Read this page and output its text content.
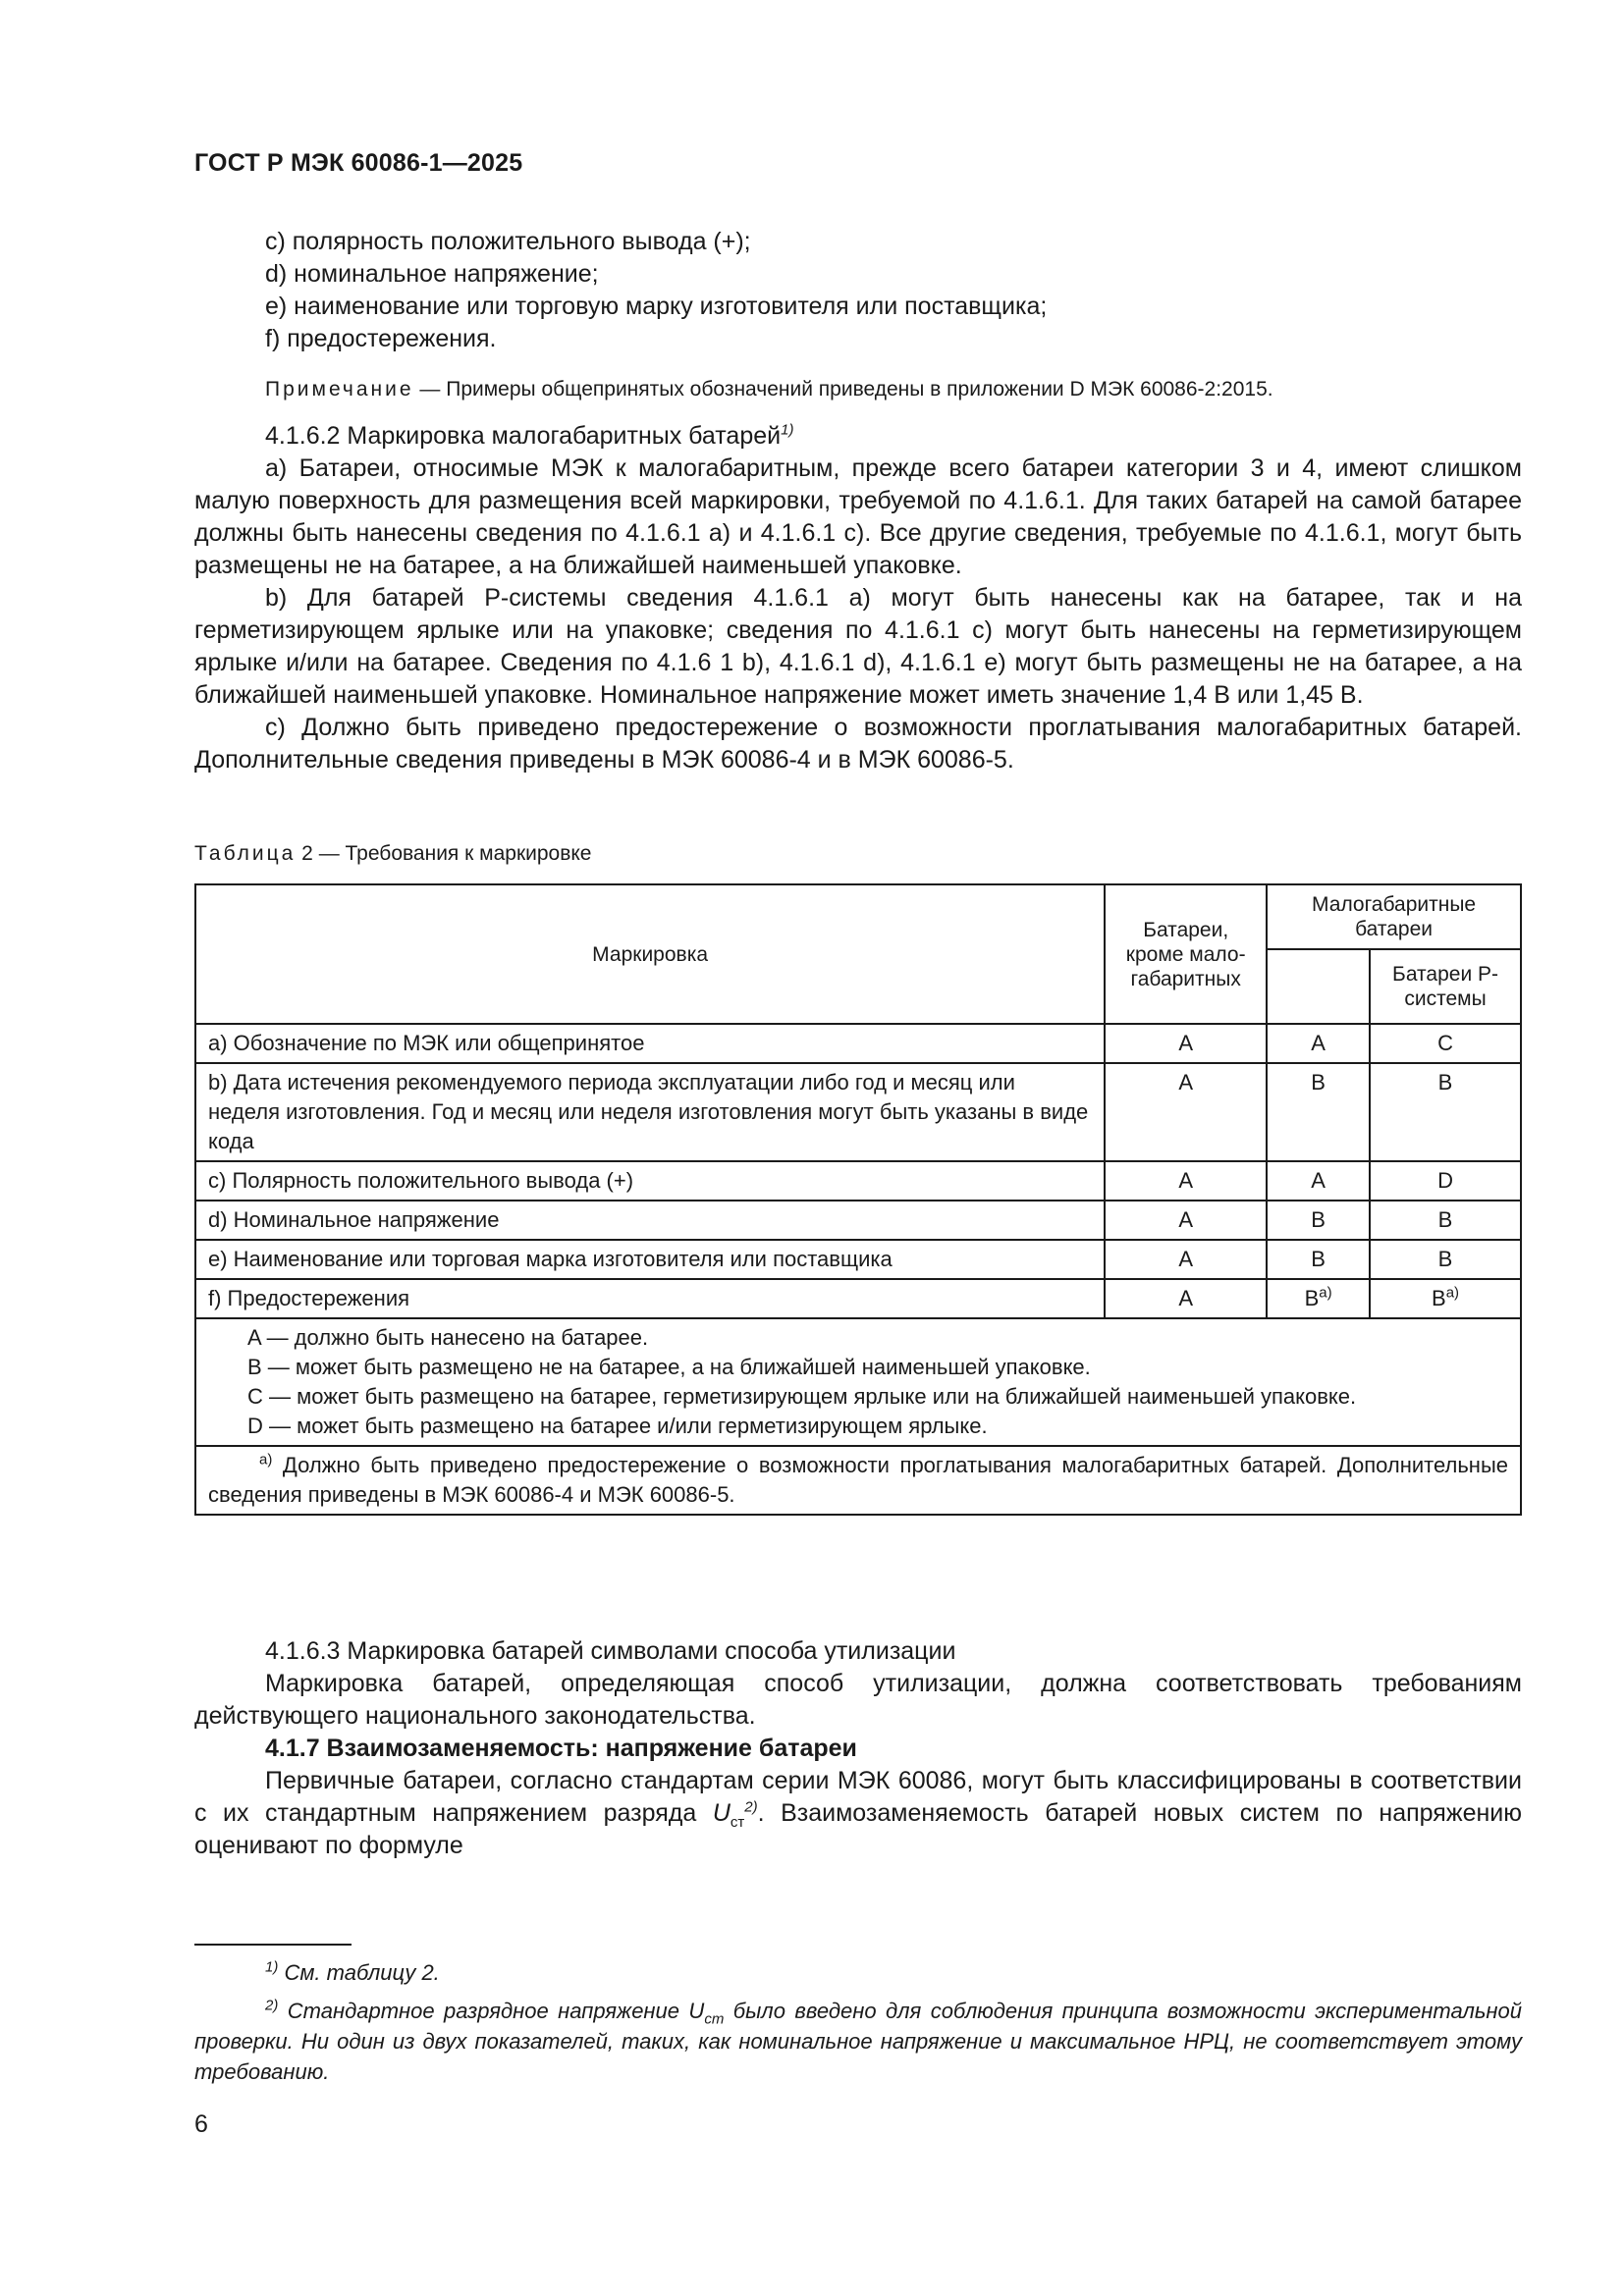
ГОСТ Р МЭК 60086-1—2025

c) полярность положительного вывода (+);

d) номинальное напряжение;

e) наименование или торговую марку изготовителя или поставщика;

f) предостережения.

Примечание — Примеры общепринятых обозначений приведены в приложении D МЭК 60086-2:2015.

4.1.6.2 Маркировка малогабаритных батарей$^{1)}$

а) Батареи, относимые МЭК к малогабаритным, прежде всего батареи категории 3 и 4, имеют слишком малую поверхность для размещения всей маркировки, требуемой по 4.1.6.1. Для таких батарей на самой батарее должны быть нанесены сведения по 4.1.6.1 а) и 4.1.6.1 с). Все другие сведения, требуемые по 4.1.6.1, могут быть размещены не на батарее, а на ближайшей наименьшей упаковке.

b) Для батарей P-системы сведения 4.1.6.1 а) могут быть нанесены как на батарее, так и на герметизирующем ярлыке или на упаковке; сведения по 4.1.6.1 с) могут быть нанесены на герметизирующем ярлыке и/или на батарее. Сведения по 4.1.6 1 b), 4.1.6.1 d), 4.1.6.1 е) могут быть размещены не на батарее, а на ближайшей наименьшей упаковке. Номинальное напряжение может иметь значение 1,4 В или 1,45 В.

c) Должно быть приведено предостережение о возможности проглатывания малогабаритных батарей. Дополнительные сведения приведены в МЭК 60086-4 и в МЭК 60086-5.

Таблица 2 — Требования к маркировке
Маркировка	Батареи, кроме мало-габаритных	Малогабаритные батареи	
			Батареи P-системы
а) Обозначение по МЭК или общепринятое	A	A	C
b) Дата истечения рекомендуемого периода эксплуатации либо год и месяц или неделя изготовления. Год и месяц или неделя изготовления могут быть указаны в виде кода	A	B	B
с) Полярность положительного вывода (+)	A	A	D
d) Номинальное напряжение	A	B	B
е) Наименование или торговая марка изготовителя или поставщика	A	B	B
f) Предостережения	A	$B^{а)}$	$B^{а)}$

A — должно быть нанесено на батарее.
B — может быть размещено не на батарее, а на ближайшей наименьшей упаковке.
C — может быть размещено на батарее, герметизирующем ярлыке или на ближайшей наименьшей упаковке.
D — может быть размещено на батарее и/или герметизирующем ярлыке.			

$^{а)}$ Должно быть приведено предостережение о возможности проглатывания малогабаритных батарей. Дополнительные сведения приведены в МЭК 60086-4 и МЭК 60086-5.			

4.1.6.3 Маркировка батарей символами способа утилизации

Маркировка батарей, определяющая способ утилизации, должна соответствовать требованиям действующего национального законодательства.

4.1.7 Взаимозаменяемость: напряжение батареи

Первичные батареи, согласно стандартам серии МЭК 60086, могут быть классифицированы в соответствии с их стандартным напряжением разряда $U_{ст}^{2)}$. Взаимозаменяемость батарей новых систем по напряжению оценивают по формуле

$^{1)}$ См. таблицу 2.

$^{2)}$ Стандартное разрядное напряжение $U_{ст}$ было введено для соблюдения принципа возможности экспериментальной проверки. Ни один из двух показателей, таких, как номинальное напряжение и максимальное НРЦ, не соответствует этому требованию.

6
